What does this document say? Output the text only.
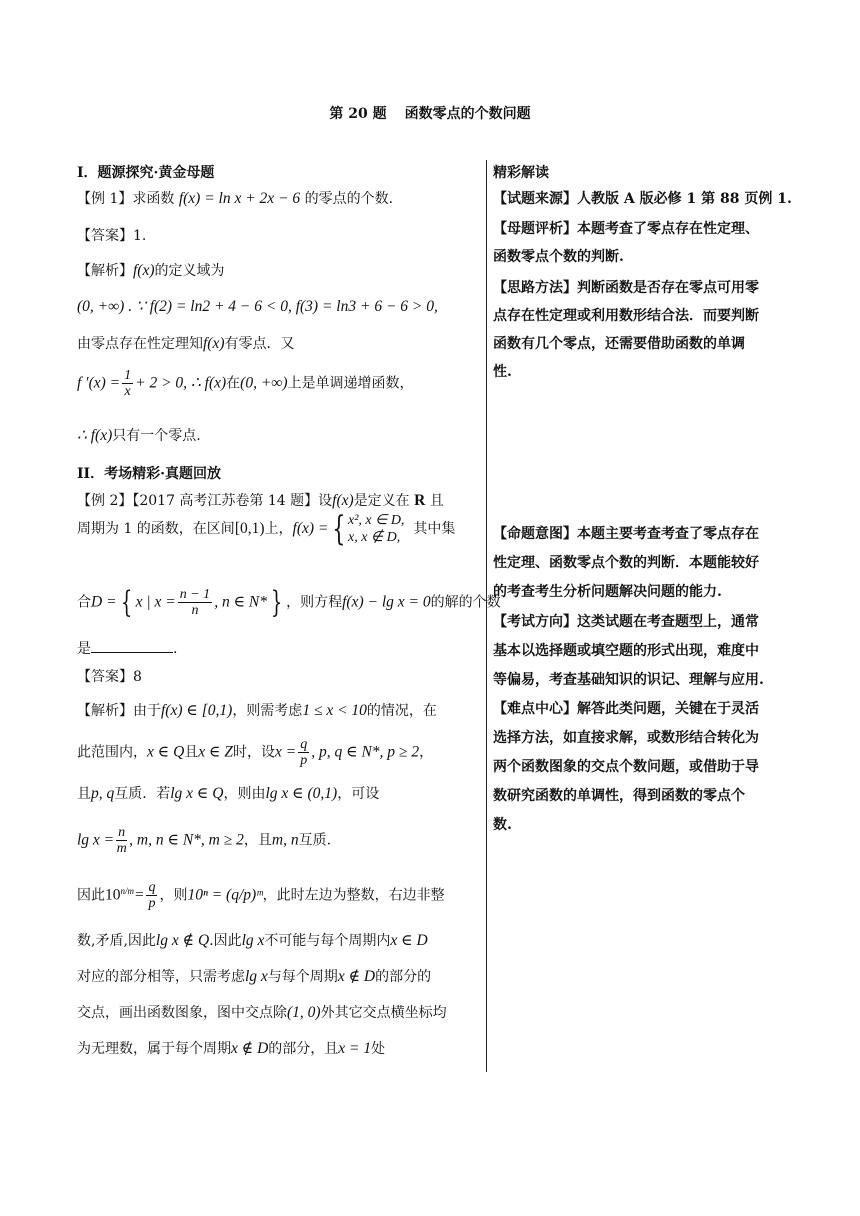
第 20 题 函数零点的个数问题
I．题源探究·黄金母题
【例 1】求函数 f(x) = ln x + 2x − 6 的零点的个数.
【答案】1.
【解析】f(x)的定义域为
(0, +∞) . ∵ f(2) = ln2 + 4 − 6 < 0, f(3) = ln3 + 6 − 6 > 0,
由零点存在性定理知f(x)有零点．又
f $'(x) = \frac{1}{x} + 2 > 0$, ∴ f(x)在(0, +∞)上是单调递增函数，
∴ f(x)只有一个零点.
II．考场精彩·真题回放
【例 2】【2017 高考江苏卷第 14 题】设f(x)是定义在 R 且
周期为 1 的函数，在区间[0,1)上，f(x) = { x², x ∈ D,
x, x ∉ D,
其中集
合D = { x | $x = \frac{n - 1}{n}$ , n ∈ N* } ，则方程f(x) − lg x = 0的解的个数
是	.
【答案】8
【解析】由于f(x) ∈ [0,1)，则需考虑1 ≤ x < 10的情况，在
此范围内，x ∈ Q且x ∈ Z时，设$x = \frac{q}{p}$ , p, q ∈ N*, p ≥ 2，
且p, q互质．若lg x ∈ Q，则由lg x ∈ (0,1)，可设
$\lg x = \frac{n}{m}$ , m, n ∈ N*, m ≥ 2，且m, n互质.
因此$10^{n/m}= \frac{q}{p}$ ，则10ⁿ = (q/p)ᵐ，此时左边为整数，右边非整
数,矛盾,因此lg x ∉ Q.因此lg x不可能与每个周期内x ∈ D
对应的部分相等，只需考虑lg x与每个周期x ∉ D的部分的
交点，画出函数图象，图中交点除(1, 0)外其它交点横坐标均
为无理数，属于每个周期x ∉ D的部分，且x = 1处
精彩解读
【试题来源】人教版 A 版必修 1 第 88 页例 1.
【母题评析】本题考查了零点存在性定理、
函数零点个数的判断.
【思路方法】判断函数是否存在零点可用零
点存在性定理或利用数形结合法．而要判断
函数有几个零点，还需要借助函数的单调
性.
【命题意图】本题主要考查考查了零点存在
性定理、函数零点个数的判断．本题能较好
的考查考生分析问题解决问题的能力.
【考试方向】这类试题在考查题型上，通常
基本以选择题或填空题的形式出现，难度中
等偏易，考查基础知识的识记、理解与应用.
【难点中心】解答此类问题，关键在于灵活
选择方法，如直接求解，或数形结合转化为
两个函数图象的交点个数问题，或借助于导
数研究函数的单调性，得到函数的零点个
数.
